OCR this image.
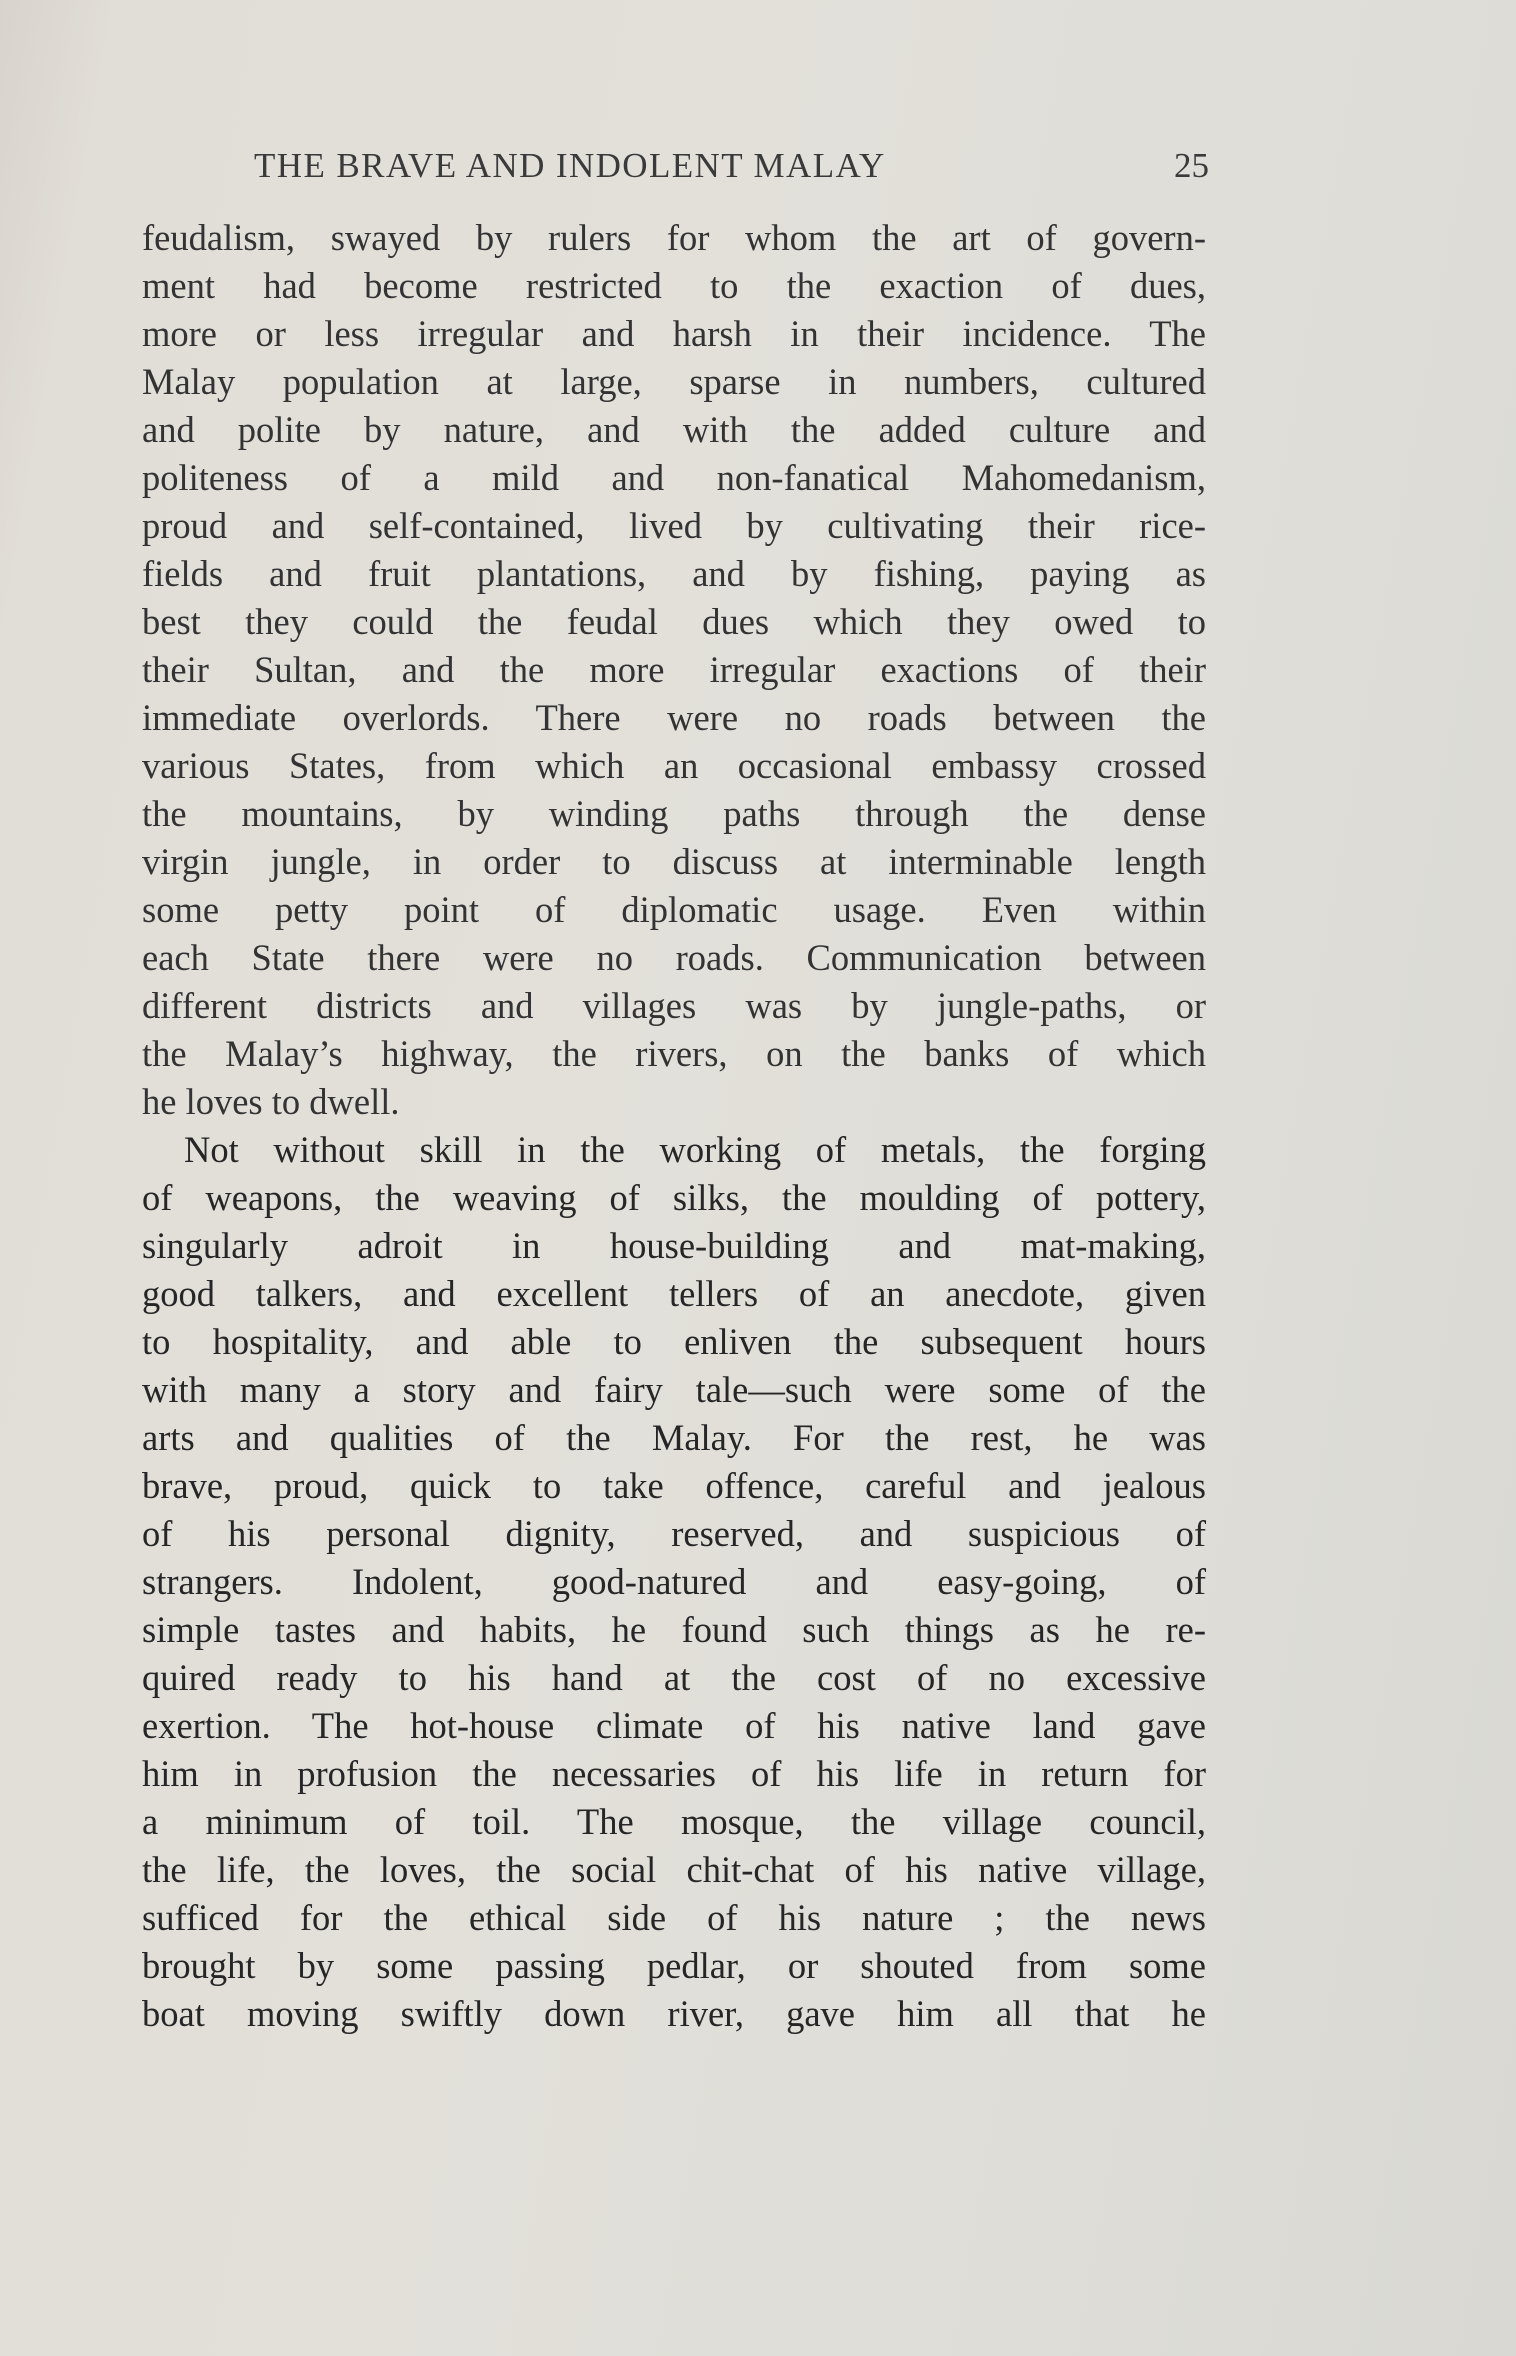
THE BRAVE AND INDOLENT MALAY	25
feudalism, swayed by rulers for whom the art of govern-
ment had become restricted to the exaction of dues,
more or less irregular and harsh in their incidence. The
Malay population at large, sparse in numbers, cultured
and polite by nature, and with the added culture and
politeness of a mild and non-fanatical Mahomedanism,
proud and self-contained, lived by cultivating their rice-
fields and fruit plantations, and by fishing, paying as
best they could the feudal dues which they owed to
their Sultan, and the more irregular exactions of their
immediate overlords. There were no roads between the
various States, from which an occasional embassy crossed
the mountains, by winding paths through the dense
virgin jungle, in order to discuss at interminable length
some petty point of diplomatic usage. Even within
each State there were no roads. Communication between
different districts and villages was by jungle-paths, or
the Malay’s highway, the rivers, on the banks of which
he loves to dwell.
Not without skill in the working of metals, the forging
of weapons, the weaving of silks, the moulding of pottery,
singularly adroit in house-building and mat-making,
good talkers, and excellent tellers of an anecdote, given
to hospitality, and able to enliven the subsequent hours
with many a story and fairy tale—such were some of the
arts and qualities of the Malay. For the rest, he was
brave, proud, quick to take offence, careful and jealous
of his personal dignity, reserved, and suspicious of
strangers. Indolent, good-natured and easy-going, of
simple tastes and habits, he found such things as he re-
quired ready to his hand at the cost of no excessive
exertion. The hot-house climate of his native land gave
him in profusion the necessaries of his life in return for
a minimum of toil. The mosque, the village council,
the life, the loves, the social chit-chat of his native village,
sufficed for the ethical side of his nature ; the news
brought by some passing pedlar, or shouted from some
boat moving swiftly down river, gave him all that he
